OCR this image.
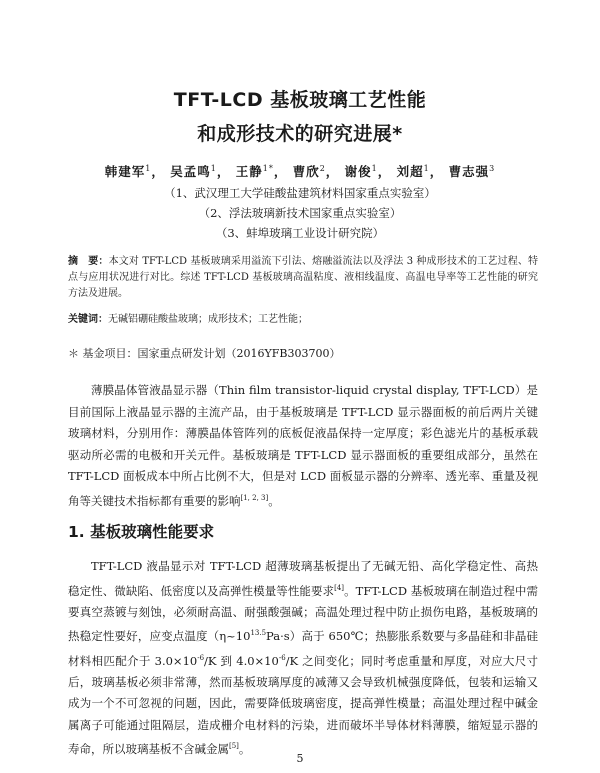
TFT-LCD 基板玻璃工艺性能
和成形技术的研究进展*
韩建军$^1$， 吴孟鸣$^1$， 王静$^{1*}$， 曹欣$^2$， 谢俊$^1$， 刘超$^1$， 曹志强$^3$
（1、武汉理工大学硅酸盐建筑材料国家重点实验室）
（2、浮法玻璃新技术国家重点实验室）
（3、蚌埠玻璃工业设计研究院）
摘　要：本文对 TFT-LCD 基板玻璃采用溢流下引法、熔融溢流法以及浮法 3 种成形技术的工艺过程、特点与应用状况进行对比。综述 TFT-LCD 基板玻璃高温粘度、液相线温度、高温电导率等工艺性能的研究方法及进展。
关键词：无碱铝硼硅酸盐玻璃；成形技术；工艺性能；
＊ 基金项目：国家重点研发计划（2016YFB303700）

薄膜晶体管液晶显示器（Thin film transistor-liquid crystal display, TFT-LCD）是目前国际上液晶显示器的主流产品，由于基板玻璃是 TFT-LCD 显示器面板的前后两片关键玻璃材料，分别用作：薄膜晶体管阵列的底板促液晶保持一定厚度；彩色滤光片的基板承载驱动所必需的电极和开关元件。基板玻璃是 TFT-LCD 显示器面板的重要组成部分，虽然在 TFT-LCD 面板成本中所占比例不大，但是对 LCD 面板显示器的分辨率、透光率、重量及视角等关键技术指标都有重要的影响[1, 2, 3]。

1. 基板玻璃性能要求

TFT-LCD 液晶显示对 TFT-LCD 超薄玻璃基板提出了无碱无铅、高化学稳定性、高热稳定性、微缺陷、低密度以及高弹性模量等性能要求[4]。TFT-LCD 基板玻璃在制造过程中需要真空蒸镀与刻蚀，必须耐高温、耐强酸强碱；高温处理过程中防止损伤电路，基板玻璃的热稳定性要好，应变点温度$(\eta\sim 10^{13.5}Pa\cdot s)$高于 650℃；热膨胀系数要与多晶硅和非晶硅材料相匹配介于 $3.0\times 10^{-6}/K$ 到 $4.0\times 10^{-6}/K$ 之间变化；同时考虑重量和厚度，对应大尺寸后，玻璃基板必须非常薄，然而基板玻璃厚度的减薄又会导致机械强度降低，包装和运输又成为一个不可忽视的问题，因此，需要降低玻璃密度，提高弹性模量；高温处理过程中碱金属离子可能通过阻隔层，造成栅介电材料的污染，进而破坏半导体材料薄膜，缩短显示器的寿命，所以玻璃基板不含碱金属[5]。

5
